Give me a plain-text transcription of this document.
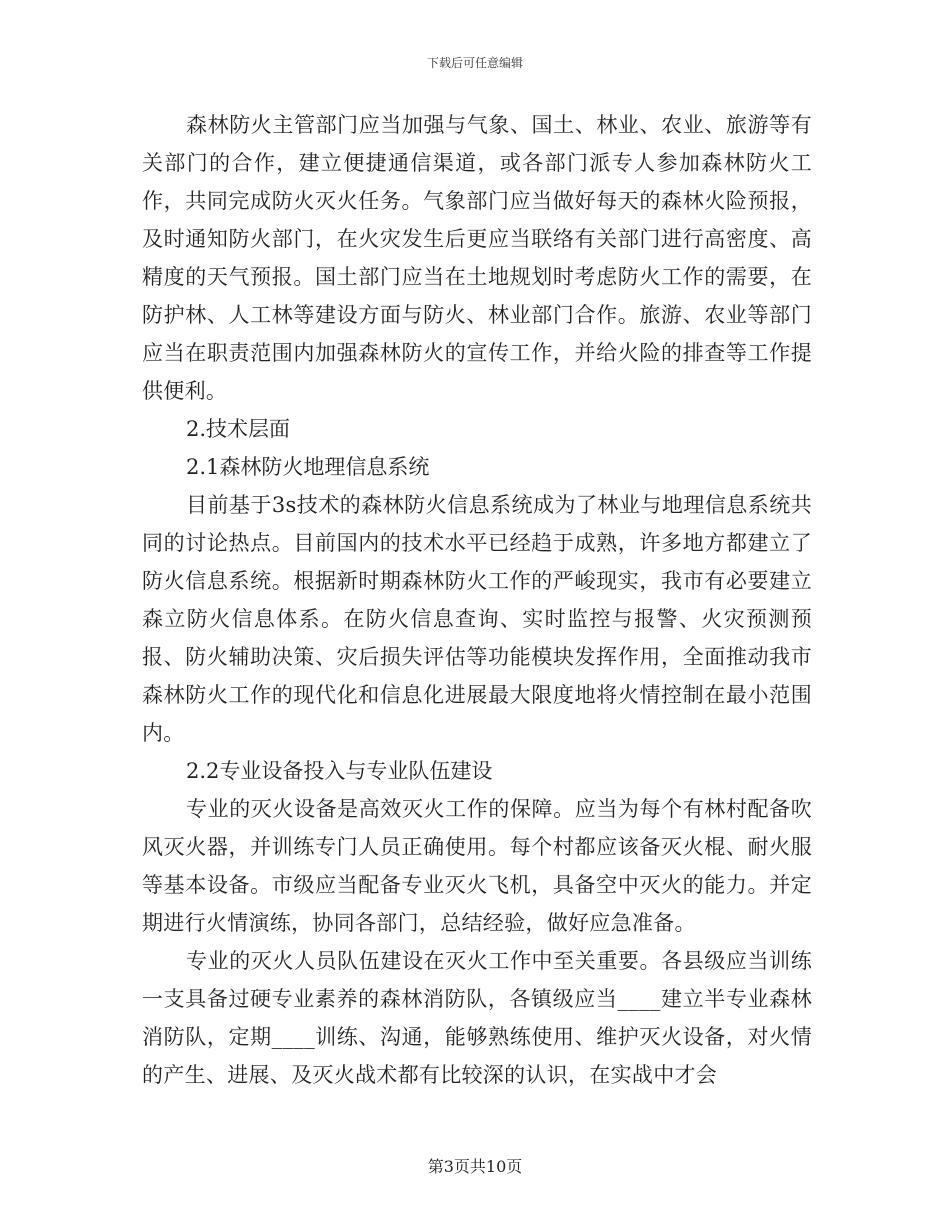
下载后可任意编辑

森林防火主管部门应当加强与气象、国土、林业、农业、旅游等有关部门的合作，建立便捷通信渠道，或各部门派专人参加森林防火工作，共同完成防火灭火任务。气象部门应当做好每天的森林火险预报，及时通知防火部门，在火灾发生后更应当联络有关部门进行高密度、高精度的天气预报。国土部门应当在土地规划时考虑防火工作的需要，在防护林、人工林等建设方面与防火、林业部门合作。旅游、农业等部门应当在职责范围内加强森林防火的宣传工作，并给火险的排查等工作提供便利。

2.技术层面

2.1森林防火地理信息系统

目前基于3s技术的森林防火信息系统成为了林业与地理信息系统共同的讨论热点。目前国内的技术水平已经趋于成熟，许多地方都建立了防火信息系统。根据新时期森林防火工作的严峻现实，我市有必要建立森立防火信息体系。在防火信息查询、实时监控与报警、火灾预测预报、防火辅助决策、灾后损失评估等功能模块发挥作用，全面推动我市森林防火工作的现代化和信息化进展最大限度地将火情控制在最小范围内。

2.2专业设备投入与专业队伍建设

专业的灭火设备是高效灭火工作的保障。应当为每个有林村配备吹风灭火器，并训练专门人员正确使用。每个村都应该备灭火棍、耐火服等基本设备。市级应当配备专业灭火飞机，具备空中灭火的能力。并定期进行火情演练，协同各部门，总结经验，做好应急准备。

专业的灭火人员队伍建设在灭火工作中至关重要。各县级应当训练一支具备过硬专业素养的森林消防队，各镇级应当____建立半专业森林消防队，定期____训练、沟通，能够熟练使用、维护灭火设备，对火情的产生、进展、及灭火战术都有比较深的认识，在实战中才会

第3页共10页
